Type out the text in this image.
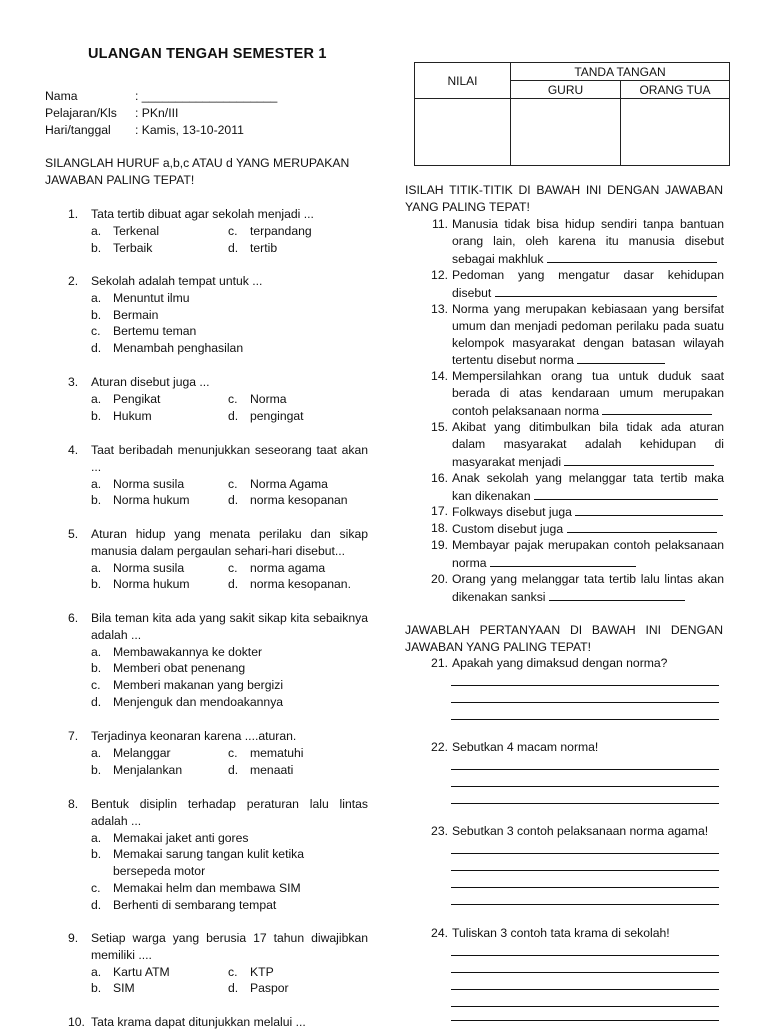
ULANGAN TENGAH SEMESTER 1
Nama	: ____________________
Pelajaran/Kls	: PKn/III
Hari/tanggal	: Kamis, 13-10-2011
NILAI	TANDA TANGAN	
	GURU	ORANG TUA

SILANGLAH HURUF a,b,c ATAU d YANG MERUPAKAN JAWABAN PALING TEPAT!
1.	Tata tertib dibuat agar sekolah menjadi ...
a. Terkenal	c.	terpandang
b. Terbaik	d. tertib
2.	Sekolah adalah tempat untuk ...
a. Menuntut ilmu
b. Bermain
c.	Bertemu teman
d. Menambah penghasilan
3.	Aturan disebut juga ...
a. Pengikat	c.	Norma
b. Hukum	d. pengingat
4.	Taat beribadah menunjukkan seseorang taat akan ...
a. Norma susila	c.	Norma Agama
b. Norma hukum	d. norma kesopanan
5.	Aturan hidup yang menata perilaku dan sikap manusia dalam pergaulan sehari-hari disebut...
a. Norma susila	c.	norma agama
b. Norma hukum	d. norma kesopanan.
6.	Bila teman kita ada yang sakit sikap kita sebaiknya adalah ...
a. Membawakannya ke dokter
b. Memberi obat penenang
c.	Memberi makanan yang bergizi
d. Menjenguk dan mendoakannya
7.	Terjadinya keonaran karena ....aturan.
a. Melanggar	c.	mematuhi
b. Menjalankan	d. menaati
8.	Bentuk disiplin terhadap peraturan lalu lintas adalah ...
a. Memakai jaket anti gores
b. Memakai sarung tangan kulit ketika
bersepeda motor
c.	Memakai helm dan membawa SIM
d. Berhenti di sembarang tempat
9.	Setiap warga yang berusia 17 tahun diwajibkan memiliki ....
a. Kartu ATM	c.	KTP
b. SIM	d. Paspor
10. Tata krama dapat ditunjukkan melalui ...
ISILAH TITIK-TITIK DI BAWAH INI DENGAN JAWABAN YANG PALING TEPAT!
11. Manusia tidak bisa hidup sendiri tanpa bantuan orang lain, oleh karena itu manusia disebut sebagai makhluk
12. Pedoman yang mengatur dasar kehidupan disebut
13. Norma yang merupakan kebiasaan yang bersifat umum dan menjadi pedoman perilaku pada suatu kelompok masyarakat dengan batasan wilayah tertentu disebut norma
14. Mempersilahkan orang tua untuk duduk saat berada di atas kendaraan umum merupakan contoh pelaksanaan norma
15. Akibat yang ditimbulkan bila tidak ada aturan dalam masyarakat adalah kehidupan di masyarakat menjadi
16. Anak sekolah yang melanggar tata tertib maka kan dikenakan
17. Folkways disebut juga
18. Custom disebut juga
19. Membayar pajak merupakan contoh pelaksanaan norma
20. Orang yang melanggar tata tertib lalu lintas akan dikenakan sanksi
JAWABLAH PERTANYAAN DI BAWAH INI DENGAN JAWABAN YANG PALING TEPAT!
21. Apakah yang dimaksud dengan norma?
22. Sebutkan 4 macam norma!
23. Sebutkan 3 contoh pelaksanaan norma agama!
24. Tuliskan 3 contoh tata krama di sekolah!
